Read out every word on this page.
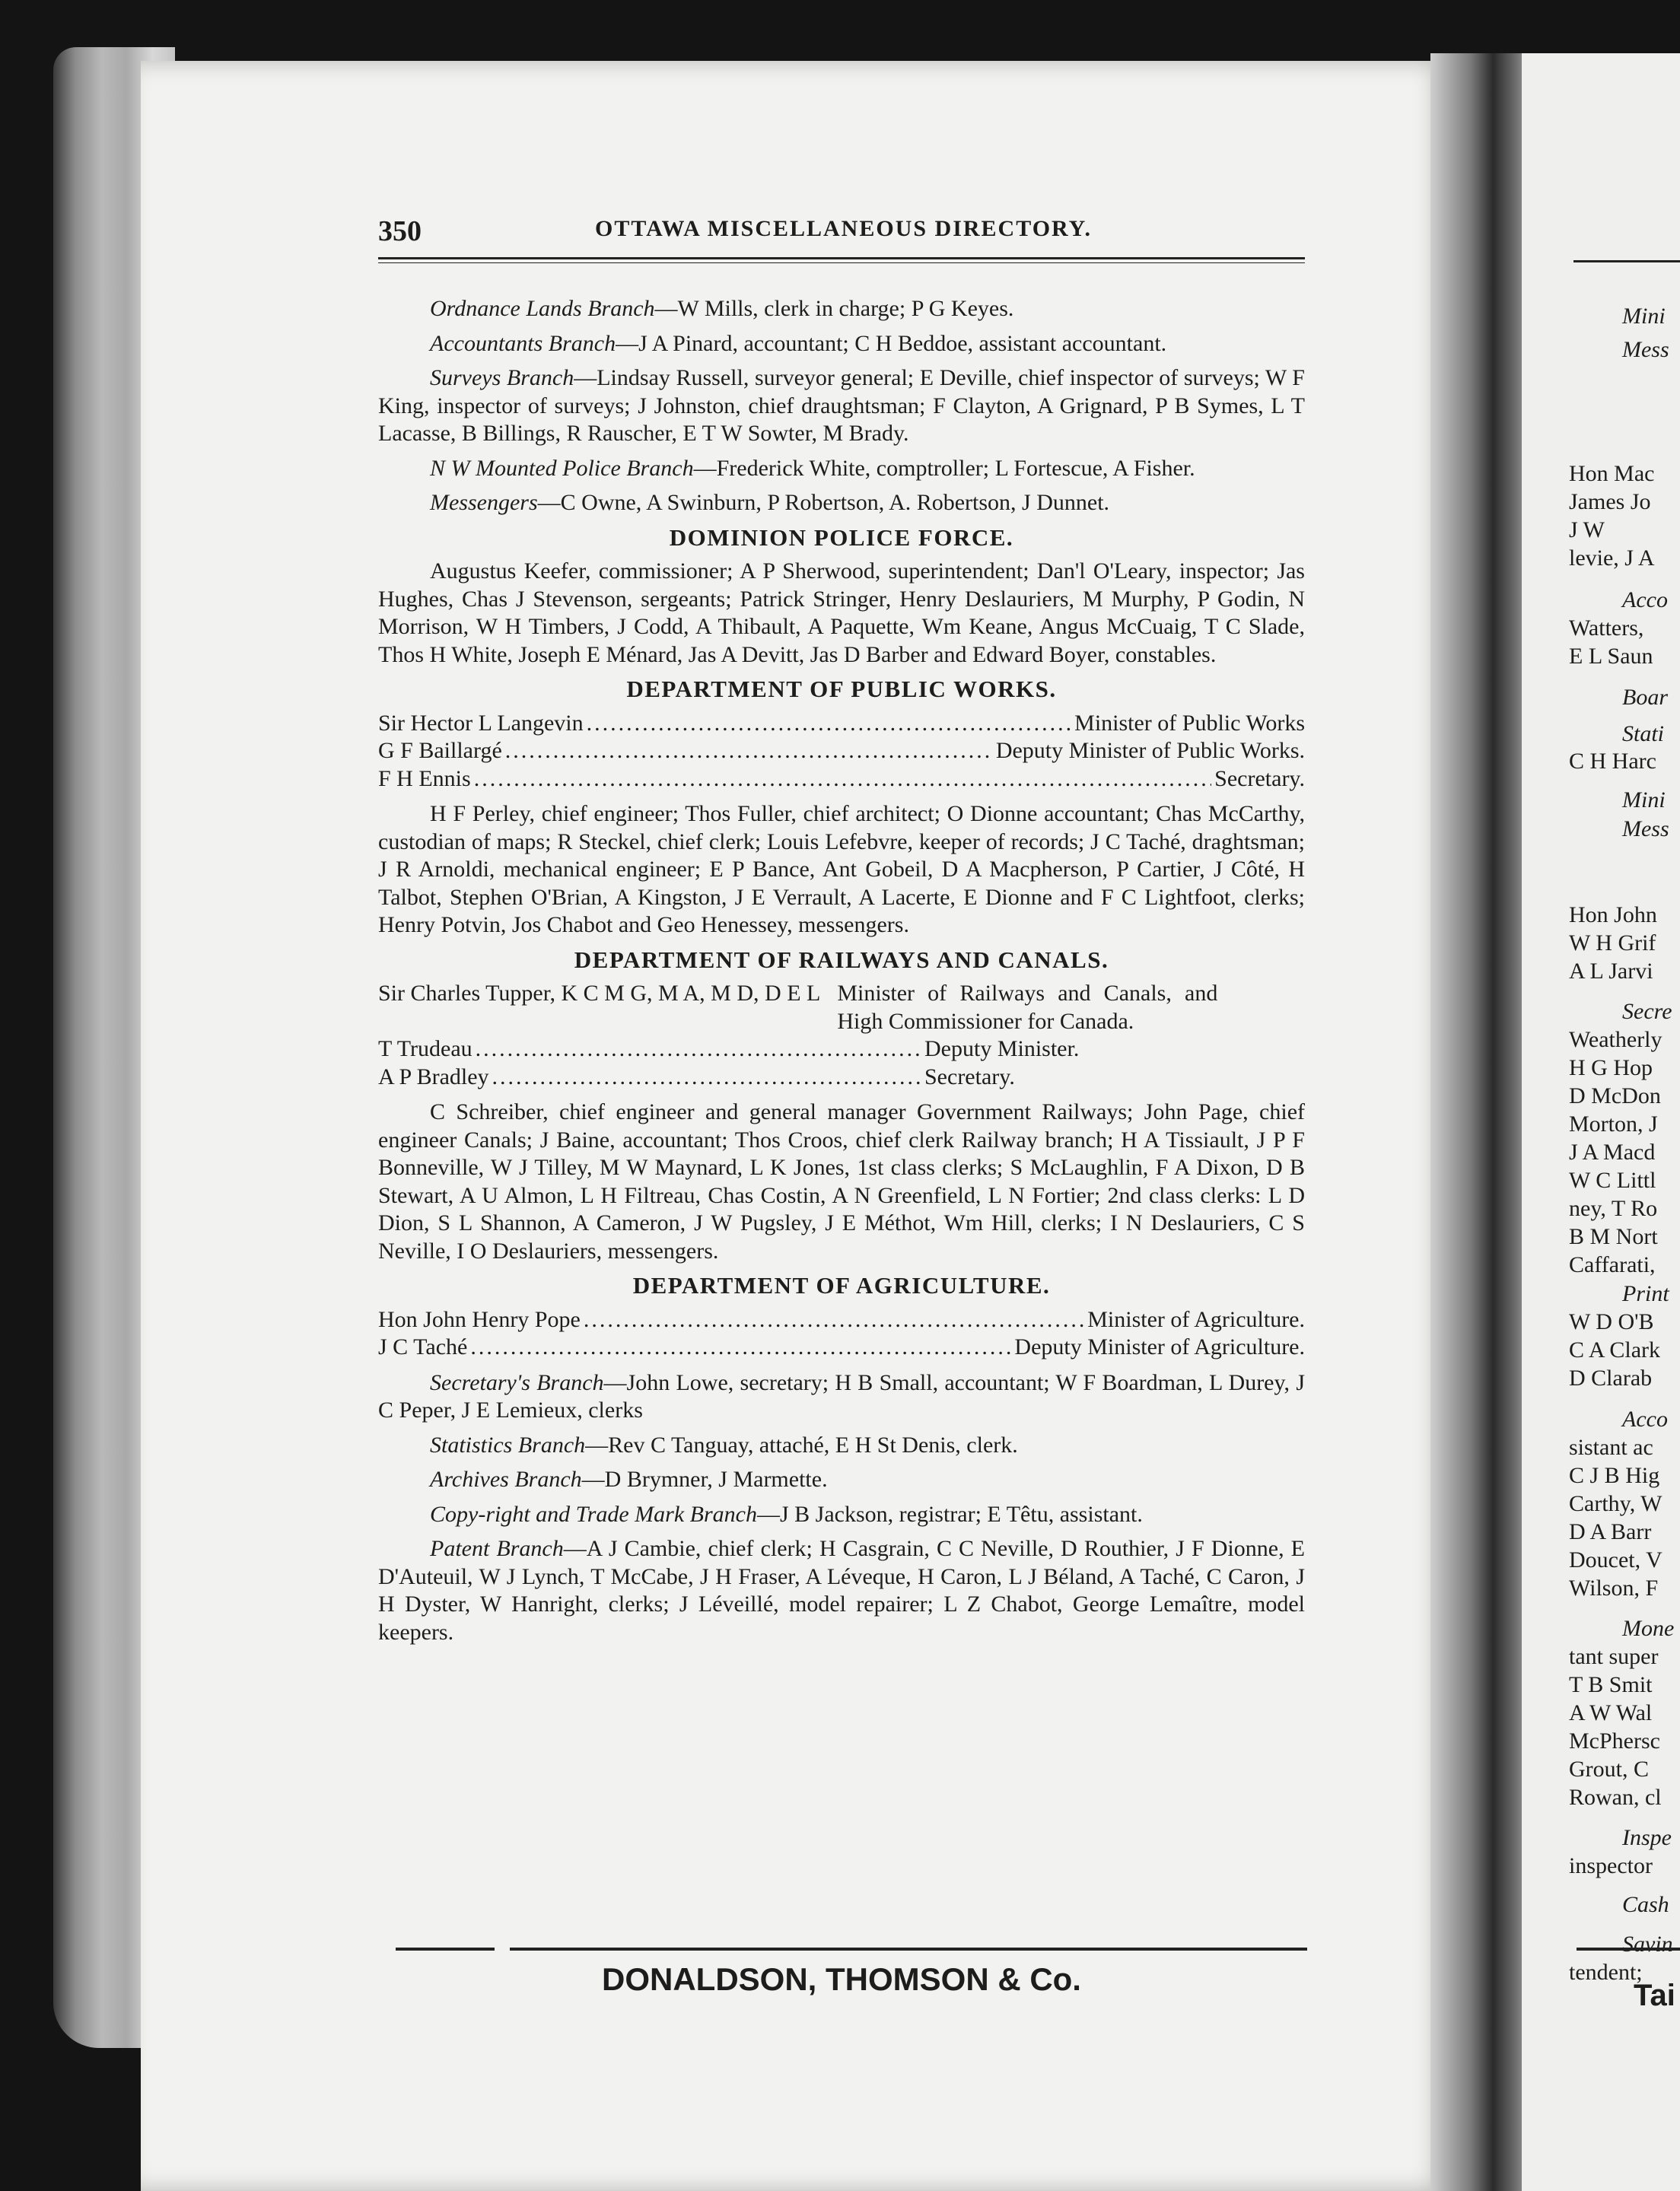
350	OTTAWA MISCELLANEOUS DIRECTORY.

Ordnance Lands Branch—W Mills, clerk in charge; P G Keyes.

Accountants Branch—J A Pinard, accountant; C H Beddoe, assistant accountant.

Surveys Branch—Lindsay Russell, surveyor general; E Deville, chief inspector of surveys; W F King, inspector of surveys; J Johnston, chief draughtsman; F Clayton, A Grignard, P B Symes, L T Lacasse, B Billings, R Rauscher, E T W Sowter, M Brady.

N W Mounted Police Branch—Frederick White, comptroller; L Fortescue, A Fisher.

Messengers—C Owne, A Swinburn, P Robertson, A. Robertson, J Dunnet.

DOMINION POLICE FORCE.

Augustus Keefer, commissioner; A P Sherwood, superintendent; Dan'l O'Leary, inspector; Jas Hughes, Chas J Stevenson, sergeants; Patrick Stringer, Henry Deslauriers, M Murphy, P Godin, N Morrison, W H Timbers, J Codd, A Thibault, A Paquette, Wm Keane, Angus McCuaig, T C Slade, Thos H White, Joseph E Ménard, Jas A Devitt, Jas D Barber and Edward Boyer, constables.

DEPARTMENT OF PUBLIC WORKS.
Sir Hector L Langevin .....	Minister of Public Works
G F Baillargé .....	Deputy Minister of Public Works.
F H Ennis .....	Secretary.

H F Perley, chief engineer; Thos Fuller, chief architect; O Dionne accountant; Chas McCarthy, custodian of maps; R Steckel, chief clerk; Louis Lefebvre, keeper of records; J C Taché, draghtsman; J R Arnoldi, mechanical engineer; E P Bance, Ant Gobeil, D A Macpherson, P Cartier, J Côté, H Talbot, Stephen O'Brian, A Kingston, J E Verrault, A Lacerte, E Dionne and F C Lightfoot, clerks; Henry Potvin, Jos Chabot and Geo Henessey, messengers.

DEPARTMENT OF RAILWAYS AND CANALS.
Sir Charles Tupper, K C M G, M A, M D, D E L Minister of Railways and Canals, and High Commissioner for Canada.
T Trudeau .....	Deputy Minister.
A P Bradley .....	Secretary.

C Schreiber, chief engineer and general manager Government Railways; John Page, chief engineer Canals; J Baine, accountant; Thos Croos, chief clerk Railway branch; H A Tissiault, J P F Bonneville, W J Tilley, M W Maynard, L K Jones, 1st class clerks; S McLaughlin, F A Dixon, D B Stewart, A U Almon, L H Filtreau, Chas Costin, A N Greenfield, L N Fortier; 2nd class clerks: L D Dion, S L Shannon, A Cameron, J W Pugsley, J E Méthot, Wm Hill, clerks; I N Deslauriers, C S Neville, I O Deslauriers, messengers.

DEPARTMENT OF AGRICULTURE.
Hon John Henry Pope .....	Minister of Agriculture.
J C Taché .....	Deputy Minister of Agriculture.

Secretary's Branch—John Lowe, secretary; H B Small, accountant; W F Boardman, L Durey, J C Peper, J E Lemieux, clerks

Statistics Branch—Rev C Tanguay, attaché, E H St Denis, clerk.

Archives Branch—D Brymner, J Marmette.

Copy-right and Trade Mark Branch—J B Jackson, registrar; E Têtu, assistant.

Patent Branch—A J Cambie, chief clerk; H Casgrain, C C Neville, D Routhier, J F Dionne, E D'Auteuil, W J Lynch, T McCabe, J H Fraser, A Léveque, H Caron, L J Béland, A Taché, C Caron, J H Dyster, W Hanright, clerks; J Léveillé, model repairer; L Z Chabot, George Lemaître, model keepers.

DONALDSON, THOMSON & Co.
Mini
Mess
Hon Mac
James Jo
J W
levie, J A
Acco
Watters,
E L Saun
Boar
Stati
C H Harc
Mini
Mess
Hon John
W H Grif
A L Jarvi
Secre
Weatherly
H G Hop
D McDon
Morton, J
J A Macd
W C Littl
ney, T Ro
B M Nort
Caffarati,
Print
W D O'B
C A Clark
D Clarab
Acco
sistant ac
C J B Hig
Carthy, W
D A Barr
Doucet, V
Wilson, F
Mone
tant super
T B Smit
A W Wal
McPhersc
Grout, C
Rowan, cl
Inspe
inspector
Cash
Savin
tendent;
Tai
